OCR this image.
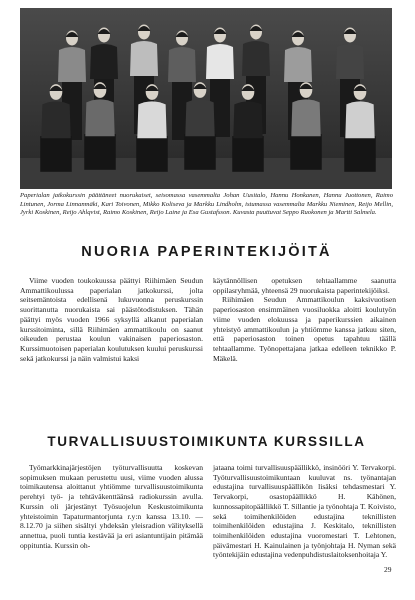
Paperialan jatkokurssin päättäneet nuorukaiset, seisomassa vasemmalta Johan Uusitalo, Hannu Honkanen, Hannu Juottonen, Raimo Lintunen, Jorma Linnanmäki, Kari Toivonen, Mikko Koliseva ja Markku Lindholm, istumassa vasemmalta Markku Nieminen, Reijo Mellin, Jyrki Koskinen, Reijo Ahlqvist, Raimo Koskinen, Reijo Laine ja Esa Gustafsson. Kuvasta puuttuvat Seppo Ruokonen ja Martti Salmela.

NUORIA PAPERINTEKIJÖITÄ

Viime vuoden toukokuussa päättyi Riihimäen Seudun Ammattikoulussa paperialan jatkokurssi, jolta seitsemäntoista edellisenä lukuvuonna peruskurssin suorittanutta nuorukaista sai päästötodistuksen. Tähän päättyi myös vuoden 1966 syksyllä alkanut paperialan kurssitoiminta, sillä Riihimäen ammattikoulu on saanut oikeuden perustaa koulun vakinaisen paperiosaston. Kurssimuotoisen paperialan koulutuksen kuului peruskurssi sekä jatkokurssi ja näin valmistui kaksi

käytännöllisen opetuksen tehtaallamme saanutta oppilasryhmää, yhteensä 29 nuorukaista paperintekijöiksi.

Riihimäen Seudun Ammattikoulun kaksivuotisen paperiosaston ensimmäinen vuosiluokka aloitti koulutyön viime vuoden elokuussa ja paperikurssien aikainen yhteistyö ammattikoulun ja yhtiömme kanssa jatkuu siten, että paperiosaston toinen opetus tapahtuu täällä tehtaallamme. Työnopettajana jatkaa edelleen teknikko P. Mäkelä.

TURVALLISUUSTOIMIKUNTA KURSSILLA

Työmarkkinajärjestöjen työturvallisuutta koskevan sopimuksen mukaan perustettu uusi, viime vuoden alussa toimikautensa aloittanut yhtiömme turvallisuustoimikunta perehtyi työ- ja tehtäväkenttäänsä radiokurssin avulla. Kurssin oli järjestänyt Työsuojelun Keskustoimikunta yhteistoimin Tapaturmantorjunta r.y:n kanssa 13.10. — 8.12.70 ja siihen sisältyi yhdeksän yleisradion välityksellä annettua, puoli tuntia kestävää ja eri asiantuntijain pitämää oppituntia. Kurssin oh-

jataana toimi turvallisuuspäällikkö, insinööri Y. Tervakorpi. Työturvallisuustoimikuntaan kuuluvat ns. työnantajan edustajina turvallisuuspäällikön lisäksi tehdasmestari Y. Tervakorpi, osastopäällikkö H. Kähönen, kunnossapitopäällikkö T. Sillantie ja työnohtaja T. Koivisto, sekä toimihenkilöiden edustajina teknillisten toimihenkilöiden edustajina J. Keskitalo, teknillisten toimihenkilöiden edustajina vuoromestari T. Lehtonen, päivämestari H. Kainulainen ja työnjohtaja H. Nyman sekä työntekijäin edustajina vedenpuhdistuslaitoksenhoitaja Y.

29
